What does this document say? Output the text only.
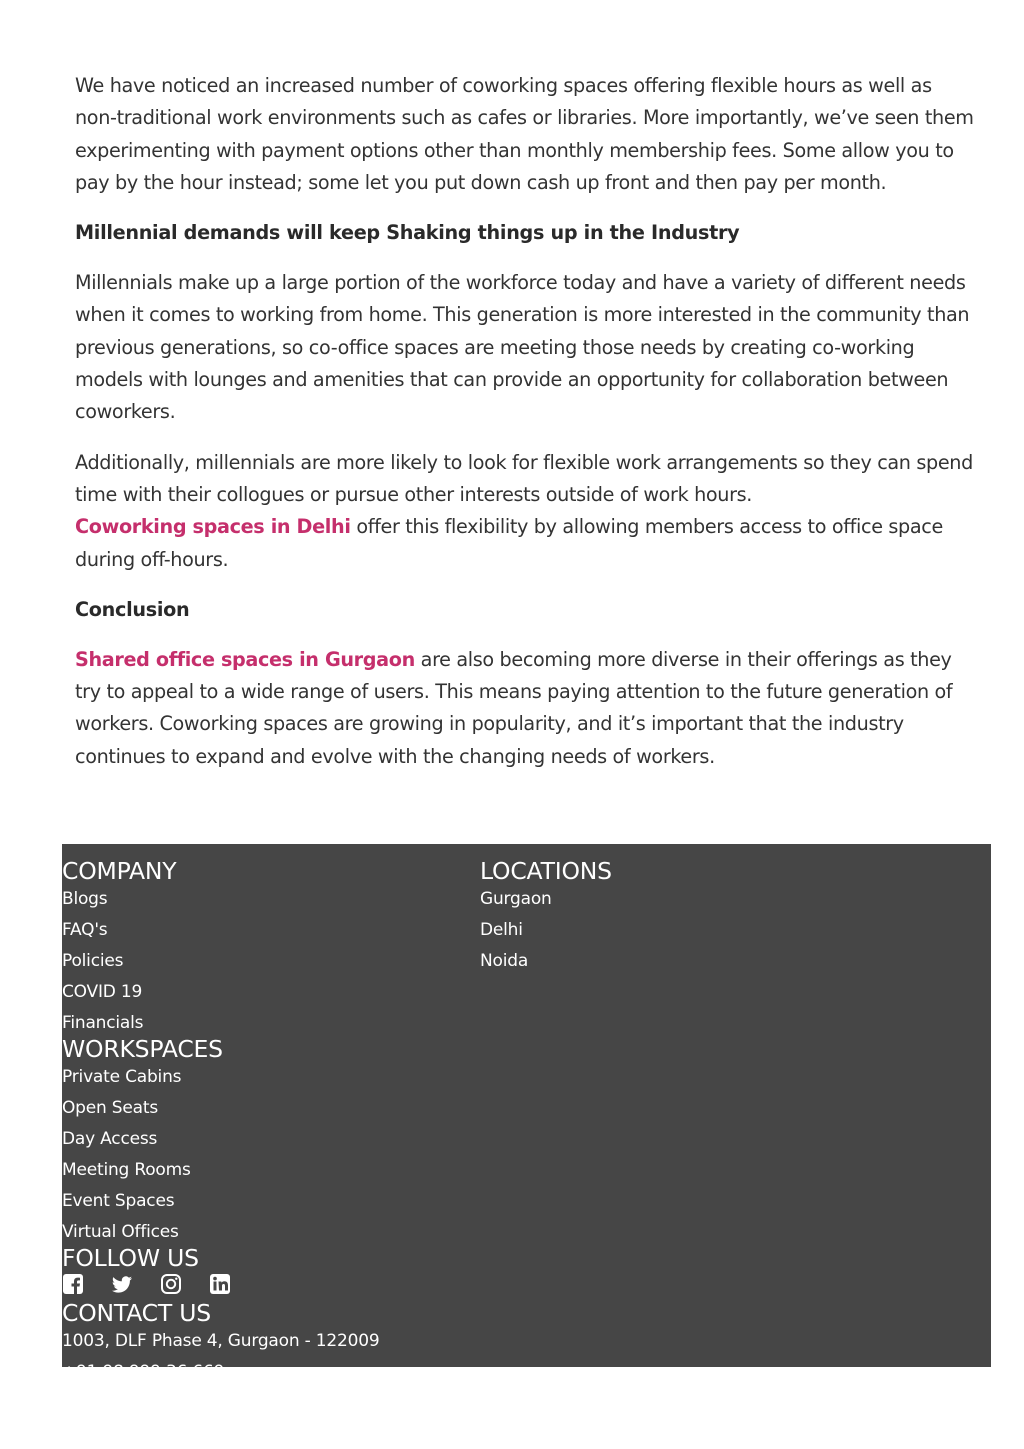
We have noticed an increased number of coworking spaces offering flexible hours as well as non-traditional work environments such as cafes or libraries. More importantly, we’ve seen them experimenting with payment options other than monthly membership fees. Some allow you to pay by the hour instead; some let you put down cash up front and then pay per month.

Millennial demands will keep Shaking things up in the Industry

Millennials make up a large portion of the workforce today and have a variety of different needs when it comes to working from home. This generation is more interested in the community than previous generations, so co-office spaces are meeting those needs by creating co-working models with lounges and amenities that can provide an opportunity for collaboration between coworkers.

Additionally, millennials are more likely to look for flexible work arrangements so they can spend time with their collogues or pursue other interests outside of work hours.
Coworking spaces in Delhi offer this flexibility by allowing members access to office space during off-hours.

Conclusion

Shared office spaces in Gurgaon are also becoming more diverse in their offerings as they try to appeal to a wide range of users. This means paying attention to the future generation of workers. Coworking spaces are growing in popularity, and it’s important that the industry continues to expand and evolve with the changing needs of workers.

COMPANY
Blogs
FAQ's
Policies
COVID 19
Financials
WORKSPACES
Private Cabins
Open Seats
Day Access
Meeting Rooms
Event Spaces
Virtual Offices
FOLLOW US
CONTACT US
1003, DLF Phase 4, Gurgaon - 122009
+91 98 999 36 669
LOCATIONS
Gurgaon
Delhi
Noida
